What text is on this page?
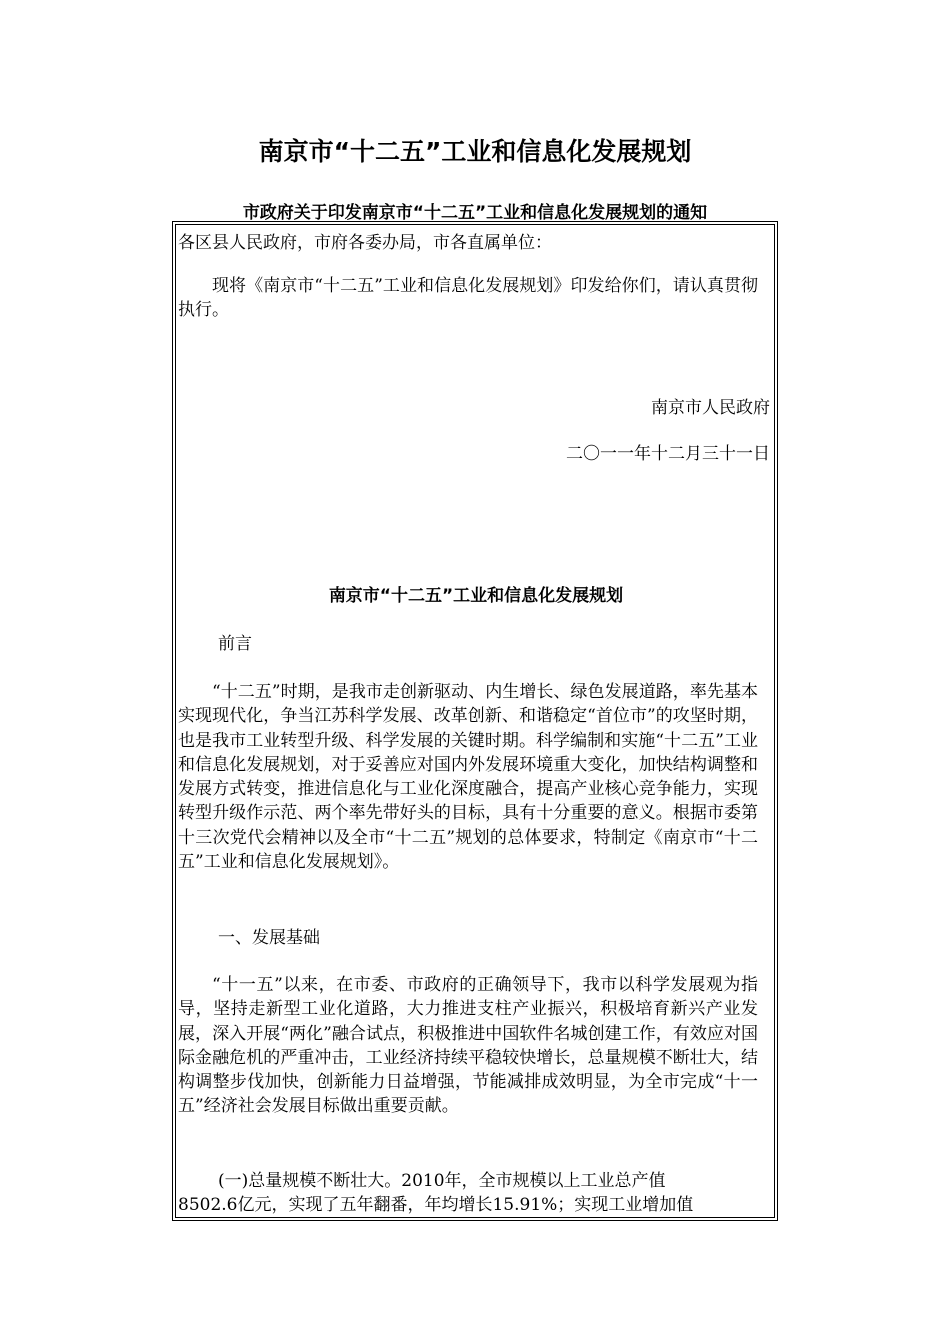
南京市“十二五”工业和信息化发展规划
市政府关于印发南京市“十二五”工业和信息化发展规划的通知

各区县人民政府，市府各委办局，市各直属单位：

现将《南京市“十二五”工业和信息化发展规划》印发给你们，请认真贯彻执行。

南京市人民政府

二〇一一年十二月三十一日

南京市“十二五”工业和信息化发展规划

前言

“十二五”时期，是我市走创新驱动、内生增长、绿色发展道路，率先基本实现现代化，争当江苏科学发展、改革创新、和谐稳定“首位市”的攻坚时期，也是我市工业转型升级、科学发展的关键时期。科学编制和实施“十二五”工业和信息化发展规划，对于妥善应对国内外发展环境重大变化，加快结构调整和发展方式转变，推进信息化与工业化深度融合，提高产业核心竞争能力，实现转型升级作示范、两个率先带好头的目标，具有十分重要的意义。根据市委第十三次党代会精神以及全市“十二五”规划的总体要求，特制定《南京市“十二五”工业和信息化发展规划》。

一、发展基础

“十一五”以来，在市委、市政府的正确领导下，我市以科学发展观为指导，坚持走新型工业化道路，大力推进支柱产业振兴，积极培育新兴产业发展，深入开展“两化”融合试点，积极推进中国软件名城创建工作，有效应对国际金融危机的严重冲击，工业经济持续平稳较快增长，总量规模不断壮大，结构调整步伐加快，创新能力日益增强，节能减排成效明显，为全市完成“十一五”经济社会发展目标做出重要贡献。

(一)总量规模不断壮大。2010年，全市规模以上工业总产值

8502.6亿元，实现了五年翻番，年均增长15.91%；实现工业增加值
